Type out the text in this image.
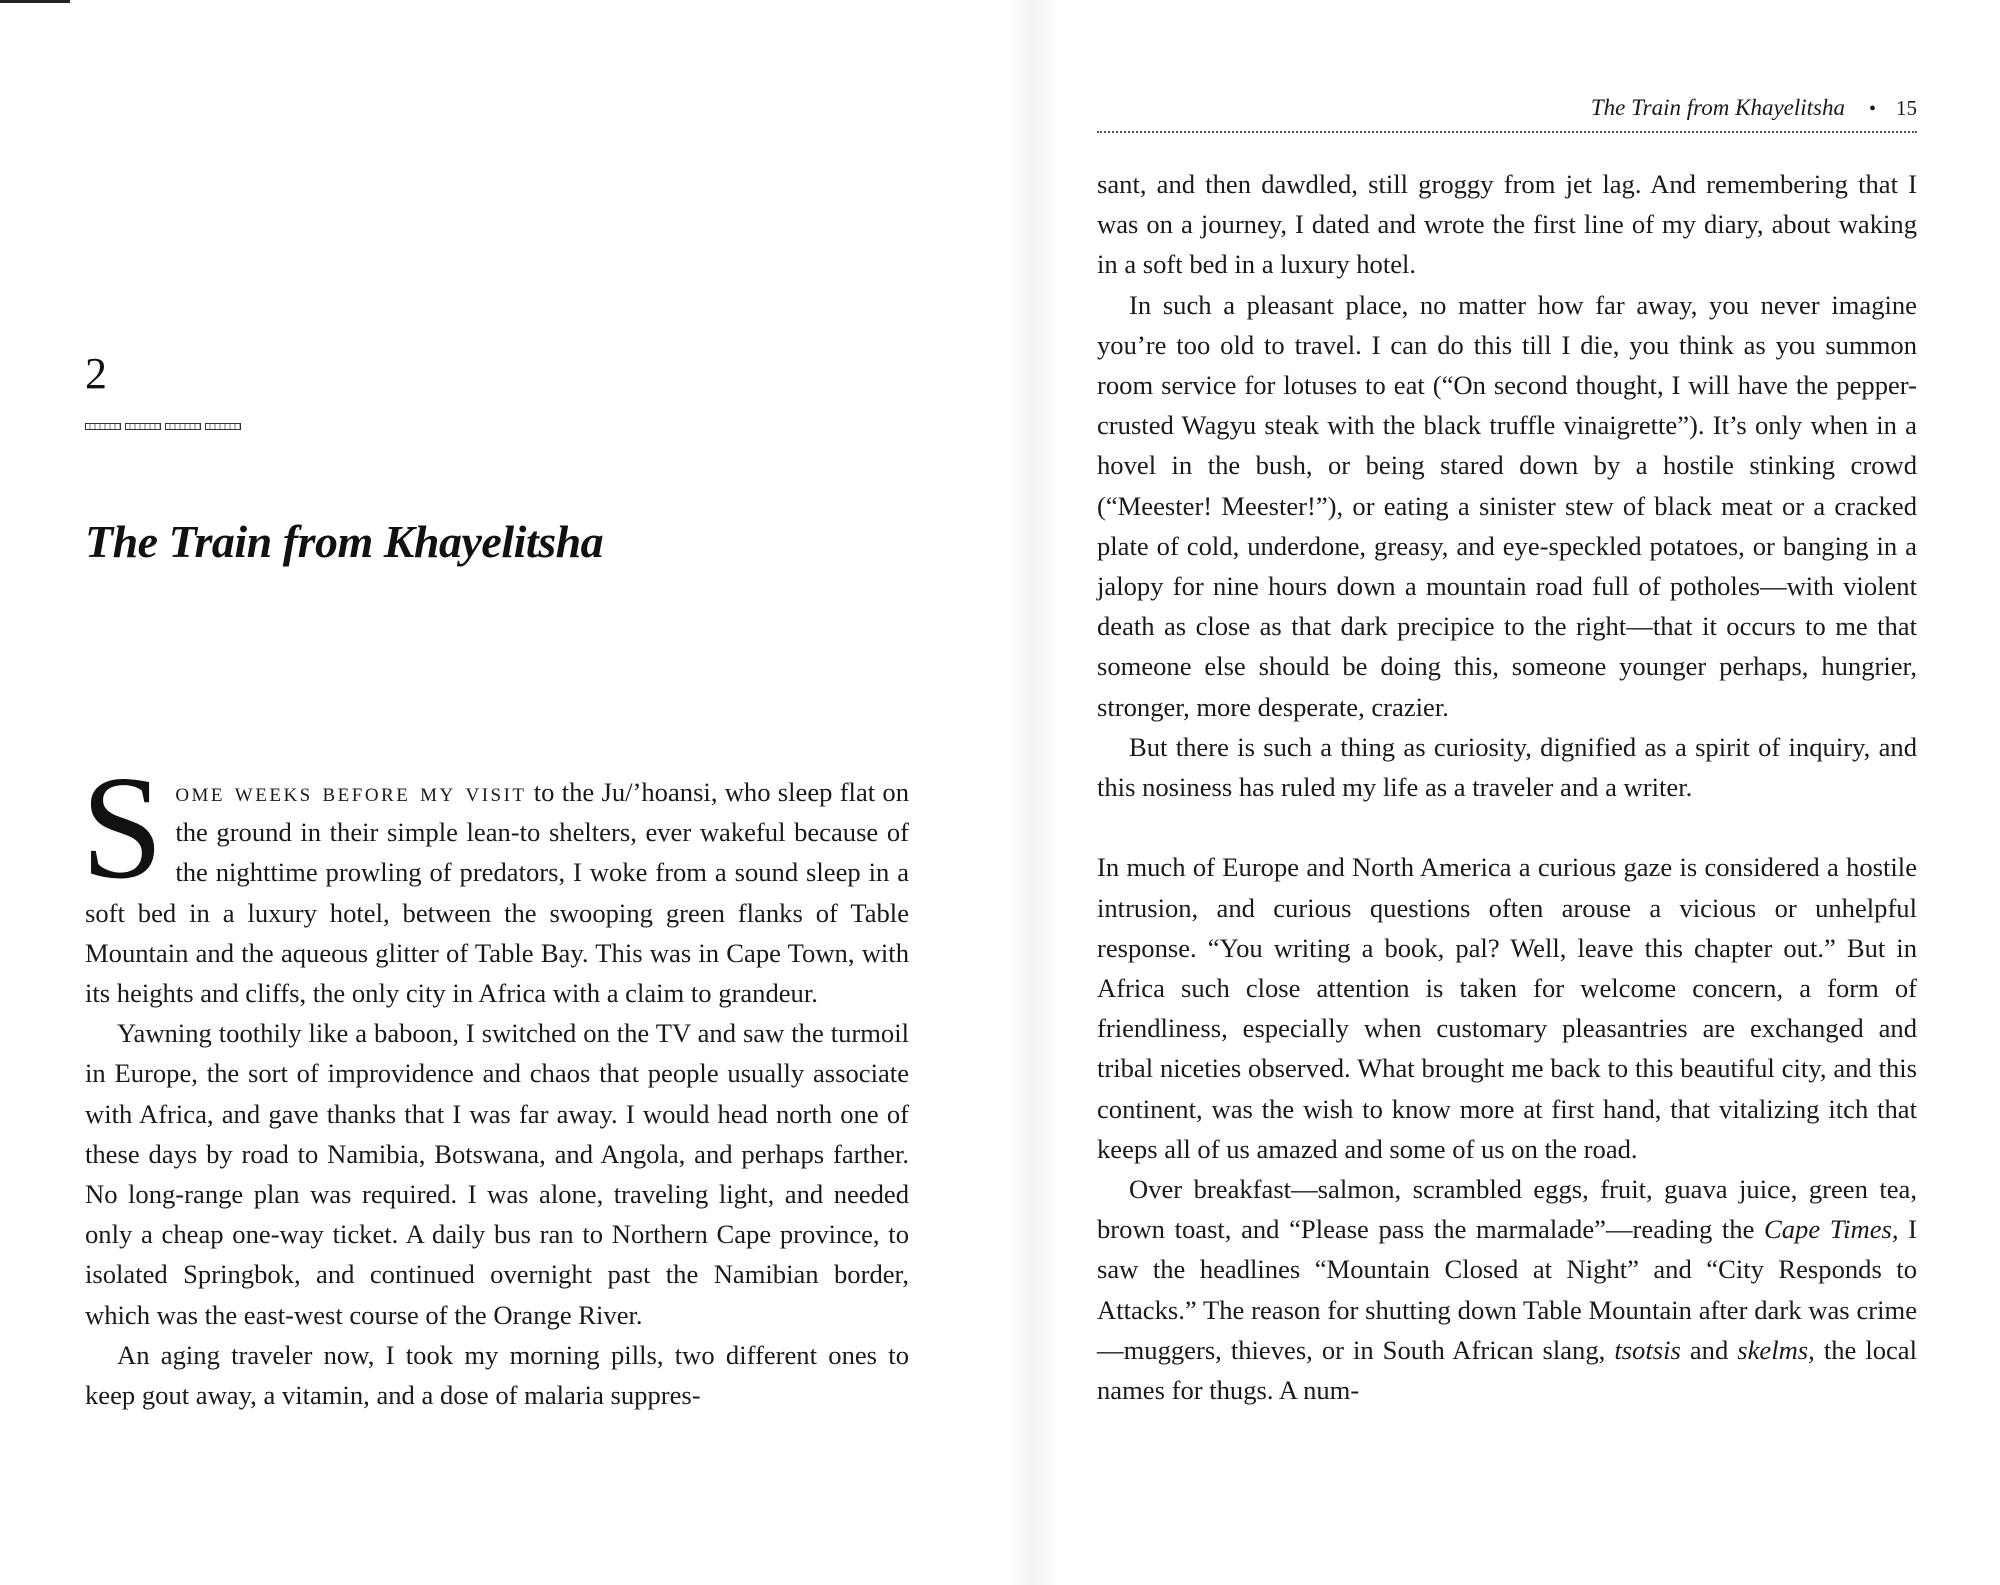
2
The Train from Khayelitsha

Some weeks before my visit to the Ju/’hoansi, who sleep flat on the ground in their simple lean-to shelters, ever wakeful because of the nighttime prowling of predators, I woke from a sound sleep in a soft bed in a luxury hotel, between the swooping green flanks of Table Mountain and the aqueous glitter of Table Bay. This was in Cape Town, with its heights and cliffs, the only city in Africa with a claim to grandeur.

Yawning toothily like a baboon, I switched on the TV and saw the turmoil in Europe, the sort of improvidence and chaos that people usually associate with Africa, and gave thanks that I was far away. I would head north one of these days by road to Namibia, Botswana, and Angola, and perhaps farther. No long-range plan was required. I was alone, traveling light, and needed only a cheap one-way ticket. A daily bus ran to Northern Cape province, to isolated Springbok, and continued overnight past the Namibian border, which was the east-west course of the Orange River.

An aging traveler now, I took my morning pills, two different ones to keep gout away, a vitamin, and a dose of malaria suppres-

The Train from Khayelitsha • 15

sant, and then dawdled, still groggy from jet lag. And remembering that I was on a journey, I dated and wrote the first line of my diary, about waking in a soft bed in a luxury hotel.

In such a pleasant place, no matter how far away, you never imagine you’re too old to travel. I can do this till I die, you think as you summon room service for lotuses to eat (“On second thought, I will have the pepper-crusted Wagyu steak with the black truffle vinaigrette”). It’s only when in a hovel in the bush, or being stared down by a hostile stinking crowd (“Meester! Meester!”), or eating a sinister stew of black meat or a cracked plate of cold, underdone, greasy, and eye-speckled potatoes, or banging in a jalopy for nine hours down a mountain road full of potholes—with violent death as close as that dark precipice to the right—that it occurs to me that someone else should be doing this, someone younger perhaps, hungrier, stronger, more desperate, crazier.

But there is such a thing as curiosity, dignified as a spirit of inquiry, and this nosiness has ruled my life as a traveler and a writer.

In much of Europe and North America a curious gaze is considered a hostile intrusion, and curious questions often arouse a vicious or unhelpful response. “You writing a book, pal? Well, leave this chapter out.” But in Africa such close attention is taken for welcome concern, a form of friendliness, especially when customary pleasantries are exchanged and tribal niceties observed. What brought me back to this beautiful city, and this continent, was the wish to know more at first hand, that vitalizing itch that keeps all of us amazed and some of us on the road.

Over breakfast—salmon, scrambled eggs, fruit, guava juice, green tea, brown toast, and “Please pass the marmalade”—reading the Cape Times, I saw the headlines “Mountain Closed at Night” and “City Responds to Attacks.” The reason for shutting down Table Mountain after dark was crime—muggers, thieves, or in South African slang, tsotsis and skelms, the local names for thugs. A num-
